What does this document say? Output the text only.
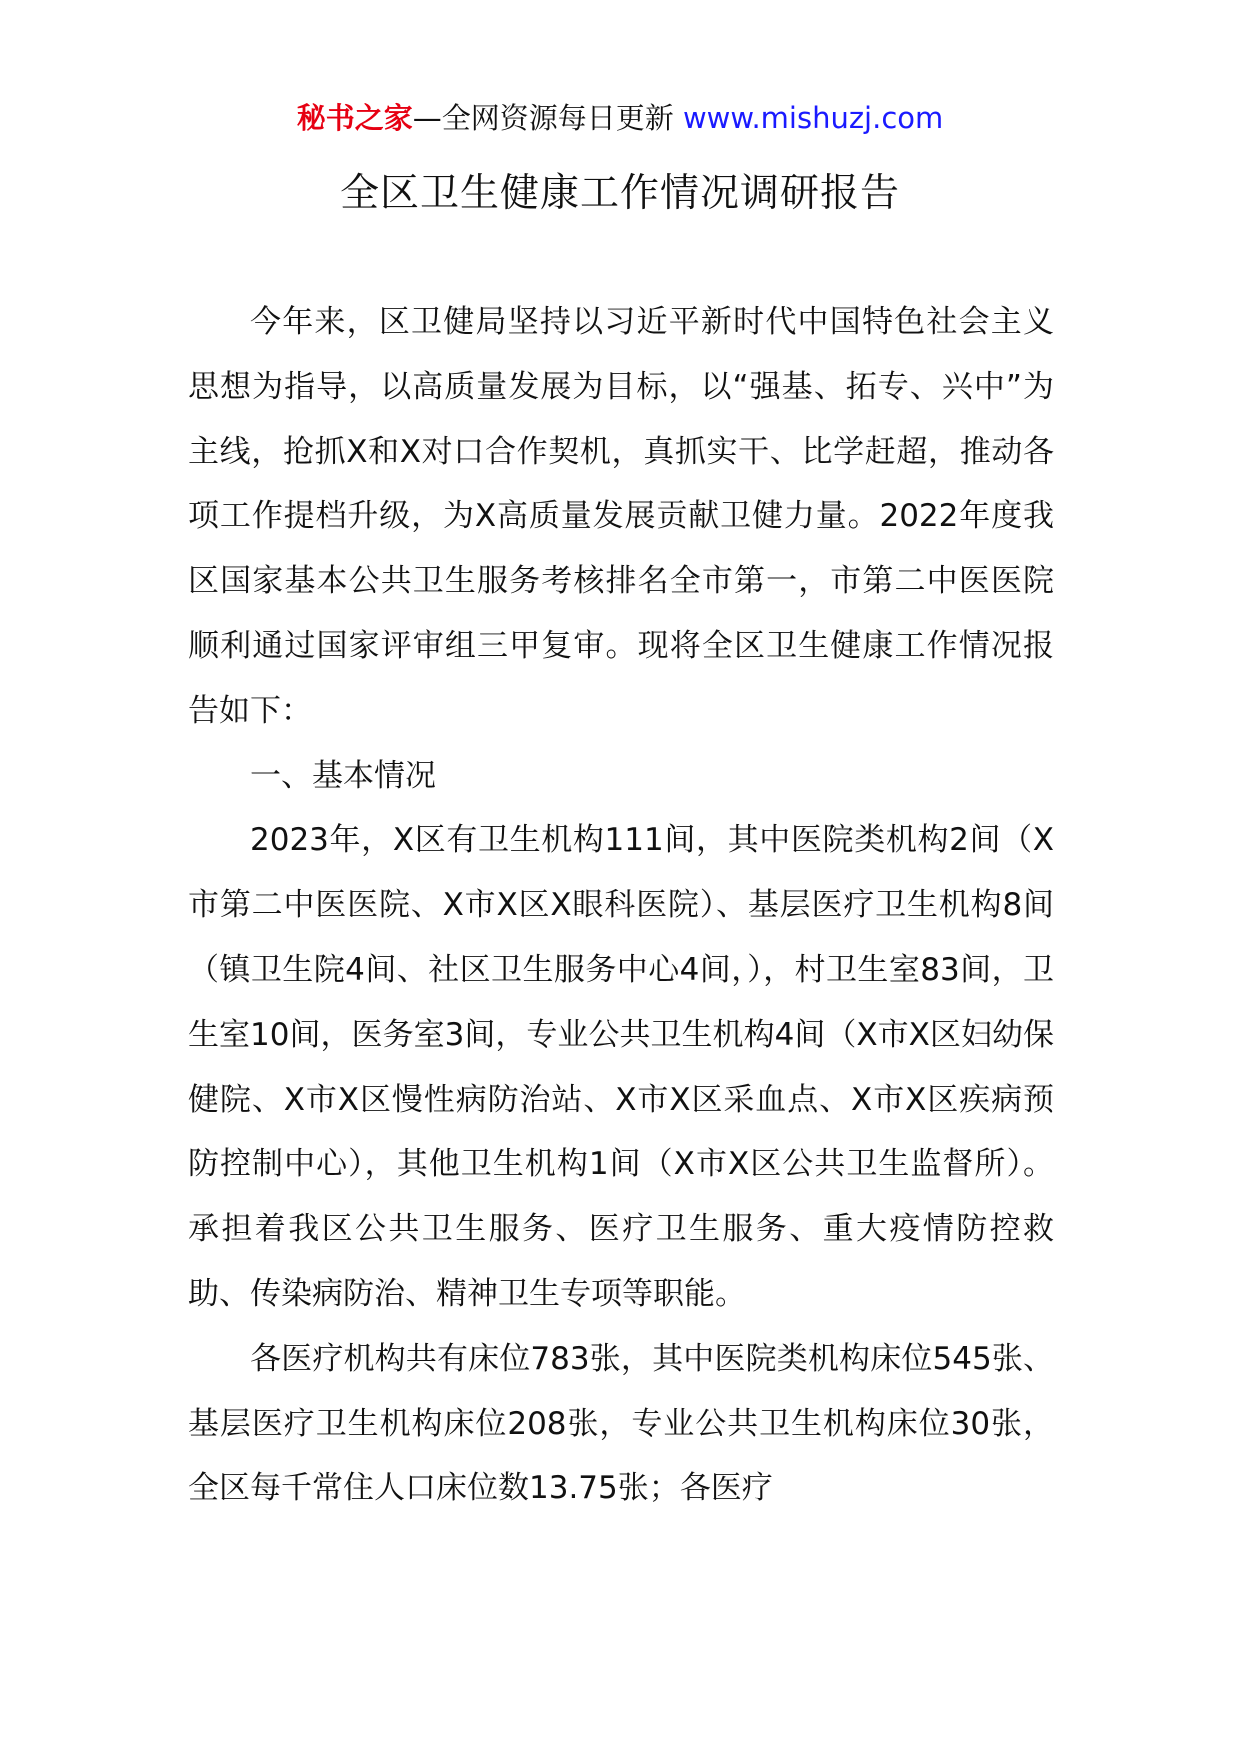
秘书之家—全网资源每日更新 www.mishuzj.com
全区卫生健康工作情况调研报告

今年来，区卫健局坚持以习近平新时代中国特色社会主义思想为指导，以高质量发展为目标，以“强基、拓专、兴中”为主线，抢抓X和X对口合作契机，真抓实干、比学赶超，推动各项工作提档升级，为X高质量发展贡献卫健力量。2022年度我区国家基本公共卫生服务考核排名全市第一，市第二中医医院顺利通过国家评审组三甲复审。现将全区卫生健康工作情况报告如下：

一、基本情况

2023年，X区有卫生机构111间，其中医院类机构2间（X市第二中医医院、X市X区X眼科医院）、基层医疗卫生机构8间（镇卫生院4间、社区卫生服务中心4间，），村卫生室83间，卫生室10间，医务室3间，专业公共卫生机构4间（X市X区妇幼保健院、X市X区慢性病防治站、X市X区采血点、X市X区疾病预防控制中心），其他卫生机构1间（X市X区公共卫生监督所）。承担着我区公共卫生服务、医疗卫生服务、重大疫情防控救助、传染病防治、精神卫生专项等职能。

各医疗机构共有床位783张，其中医院类机构床位545张、基层医疗卫生机构床位208张，专业公共卫生机构床位30张，全区每千常住人口床位数13.75张；各医疗
